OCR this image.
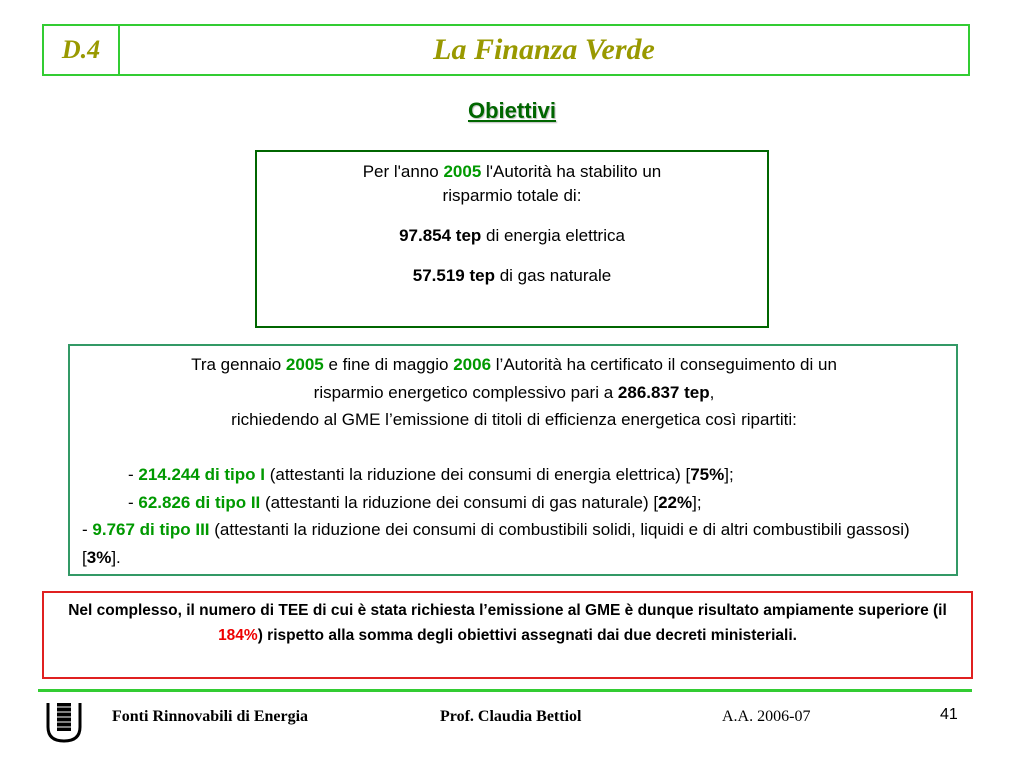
D.4	La Finanza Verde
Obiettivi

Per l'anno 2005 l'Autorità ha stabilito un

risparmio totale di:

97.854 tep di energia elettrica

57.519 tep di gas naturale

Tra gennaio 2005 e fine di maggio 2006 l’Autorità ha certificato il conseguimento di un

risparmio energetico complessivo pari a 286.837 tep,

richiedendo al GME l’emissione di titoli di efficienza energetica così ripartiti:

- 214.244 di tipo I (attestanti la riduzione dei consumi di energia elettrica) [75%];

- 62.826 di tipo II (attestanti la riduzione dei consumi di gas naturale) [22%];

- 9.767 di tipo III (attestanti la riduzione dei consumi di combustibili solidi, liquidi e di altri combustibili gassosi) [3%].

Nel complesso, il numero di TEE di cui è stata richiesta l’emissione al GME è dunque risultato ampiamente superiore (il 184%) rispetto alla somma degli obiettivi assegnati dai due decreti ministeriali.
Fonti Rinnovabili di Energia	Prof. Claudia Bettiol	A.A. 2006-07	41
